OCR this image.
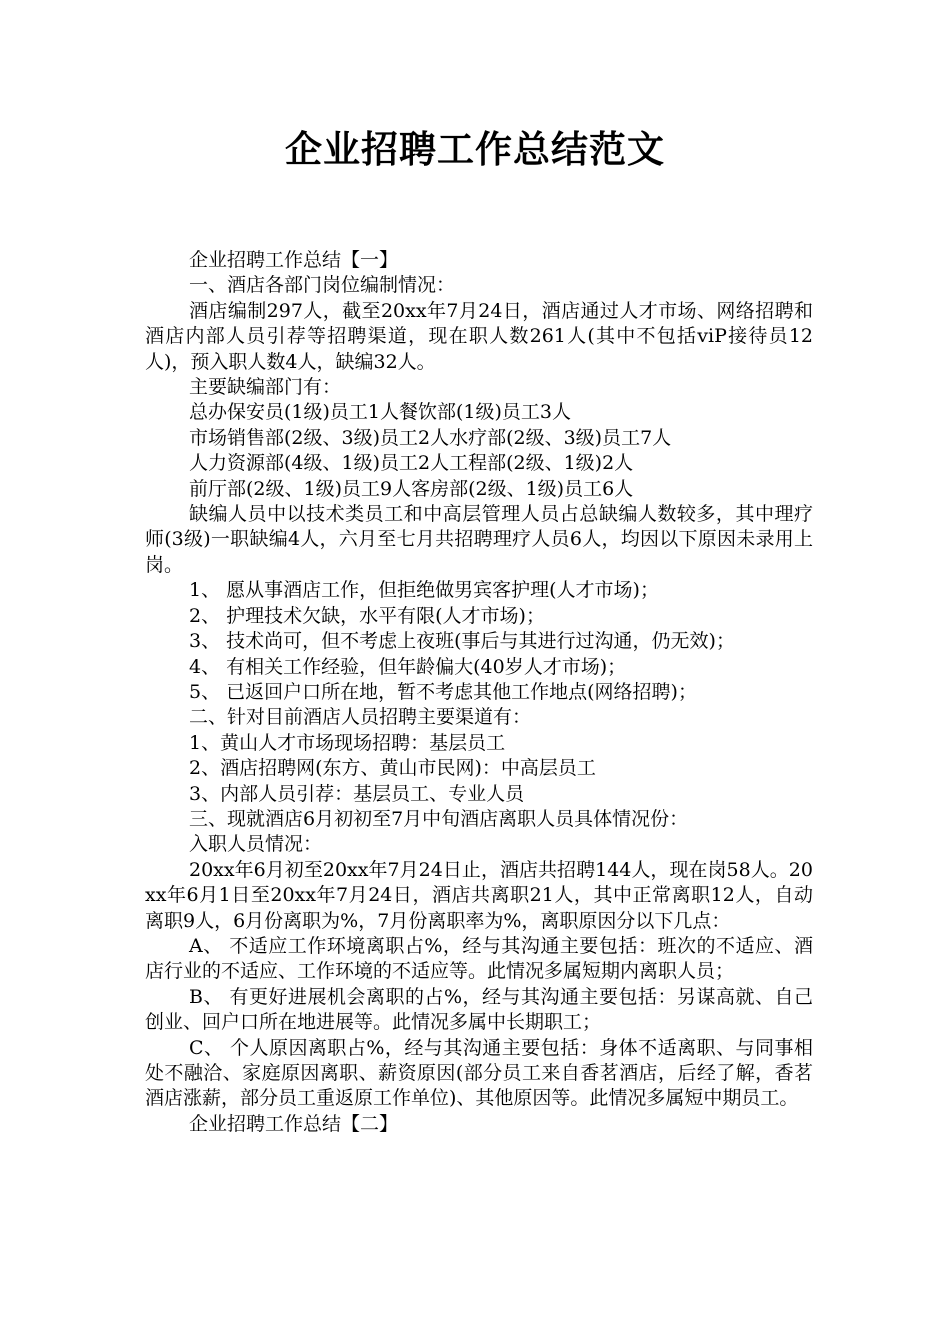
企业招聘工作总结范文

企业招聘工作总结【一】

一、酒店各部门岗位编制情况：

酒店编制297人，截至20xx年7月24日，酒店通过人才市场、网络招聘和酒店内部人员引荐等招聘渠道，现在职人数261人(其中不包括viP接待员12人)，预入职人数4人，缺编32人。

主要缺编部门有：

总办保安员(1级)员工1人餐饮部(1级)员工3人

市场销售部(2级、3级)员工2人水疗部(2级、3级)员工7人

人力资源部(4级、1级)员工2人工程部(2级、1级)2人

前厅部(2级、1级)员工9人客房部(2级、1级)员工6人

缺编人员中以技术类员工和中高层管理人员占总缺编人数较多，其中理疗师(3级)一职缺编4人，六月至七月共招聘理疗人员6人，均因以下原因未录用上岗。

1、 愿从事酒店工作，但拒绝做男宾客护理(人才市场)；

2、 护理技术欠缺，水平有限(人才市场)；

3、 技术尚可，但不考虑上夜班(事后与其进行过沟通，仍无效)；

4、 有相关工作经验，但年龄偏大(40岁人才市场)；

5、 已返回户口所在地，暂不考虑其他工作地点(网络招聘)；

二、针对目前酒店人员招聘主要渠道有：

1、黄山人才市场现场招聘：基层员工

2、酒店招聘网(东方、黄山市民网)：中高层员工

3、内部人员引荐：基层员工、专业人员

三、现就酒店6月初初至7月中旬酒店离职人员具体情况份：

入职人员情况：

20xx年6月初至20xx年7月24日止，酒店共招聘144人，现在岗58人。20xx年6月1日至20xx年7月24日，酒店共离职21人，其中正常离职12人，自动离职9人，6月份离职为%，7月份离职率为%，离职原因分以下几点：

A、 不适应工作环境离职占%，经与其沟通主要包括：班次的不适应、酒店行业的不适应、工作环境的不适应等。此情况多属短期内离职人员；

B、 有更好进展机会离职的占%，经与其沟通主要包括：另谋高就、自己创业、回户口所在地进展等。此情况多属中长期职工；

C、 个人原因离职占%，经与其沟通主要包括：身体不适离职、与同事相处不融洽、家庭原因离职、薪资原因(部分员工来自香茗酒店，后经了解，香茗酒店涨薪，部分员工重返原工作单位)、其他原因等。此情况多属短中期员工。

企业招聘工作总结【二】
